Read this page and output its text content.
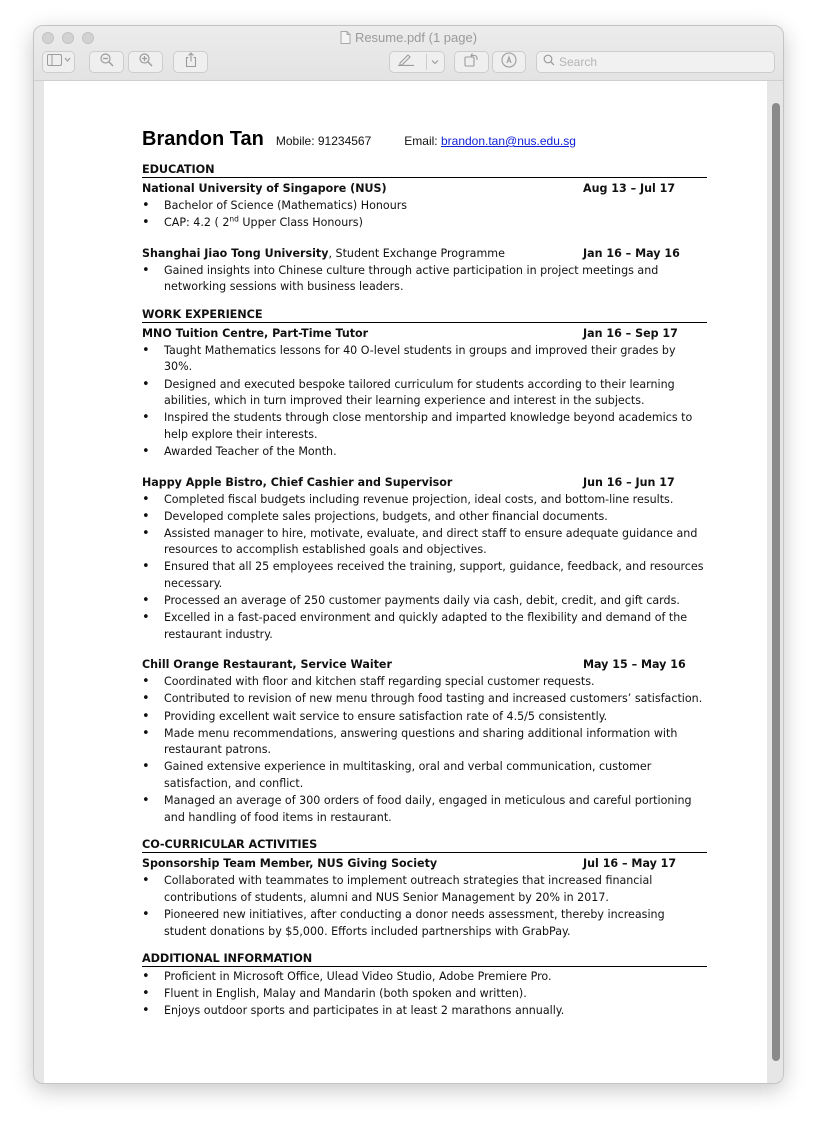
Resume.pdf (1 page)
Search
Brandon Tan Mobile: 91234567	Email: brandon.tan@nus.edu.sg
EDUCATION
National University of Singapore (NUS)	Aug 13 – Jul 17
• Bachelor of Science (Mathematics) Honours
• CAP: 4.2 ( 2nd Upper Class Honours)
Shanghai Jiao Tong University, Student Exchange Programme	Jan 16 – May 16
• Gained insights into Chinese culture through active participation in project meetings and networking sessions with business leaders.
WORK EXPERIENCE
MNO Tuition Centre, Part-Time Tutor	Jan 16 – Sep 17
• Taught Mathematics lessons for 40 O-level students in groups and improved their grades by 30%.
• Designed and executed bespoke tailored curriculum for students according to their learning abilities, which in turn improved their learning experience and interest in the subjects.
• Inspired the students through close mentorship and imparted knowledge beyond academics to help explore their interests.
• Awarded Teacher of the Month.
Happy Apple Bistro, Chief Cashier and Supervisor	Jun 16 – Jun 17
• Completed fiscal budgets including revenue projection, ideal costs, and bottom-line results.
• Developed complete sales projections, budgets, and other financial documents.
• Assisted manager to hire, motivate, evaluate, and direct staff to ensure adequate guidance and resources to accomplish established goals and objectives.
• Ensured that all 25 employees received the training, support, guidance, feedback, and resources necessary.
• Processed an average of 250 customer payments daily via cash, debit, credit, and gift cards.
• Excelled in a fast-paced environment and quickly adapted to the flexibility and demand of the restaurant industry.
Chill Orange Restaurant, Service Waiter	May 15 – May 16
• Coordinated with floor and kitchen staff regarding special customer requests.
• Contributed to revision of new menu through food tasting and increased customers’ satisfaction.
• Providing excellent wait service to ensure satisfaction rate of 4.5/5 consistently.
• Made menu recommendations, answering questions and sharing additional information with restaurant patrons.
• Gained extensive experience in multitasking, oral and verbal communication, customer satisfaction, and conflict.
• Managed an average of 300 orders of food daily, engaged in meticulous and careful portioning and handling of food items in restaurant.
CO-CURRICULAR ACTIVITIES
Sponsorship Team Member, NUS Giving Society	Jul 16 – May 17
• Collaborated with teammates to implement outreach strategies that increased financial contributions of students, alumni and NUS Senior Management by 20% in 2017.
• Pioneered new initiatives, after conducting a donor needs assessment, thereby increasing student donations by $5,000. Efforts included partnerships with GrabPay.
ADDITIONAL INFORMATION
• Proficient in Microsoft Office, Ulead Video Studio, Adobe Premiere Pro.
• Fluent in English, Malay and Mandarin (both spoken and written).
• Enjoys outdoor sports and participates in at least 2 marathons annually.
